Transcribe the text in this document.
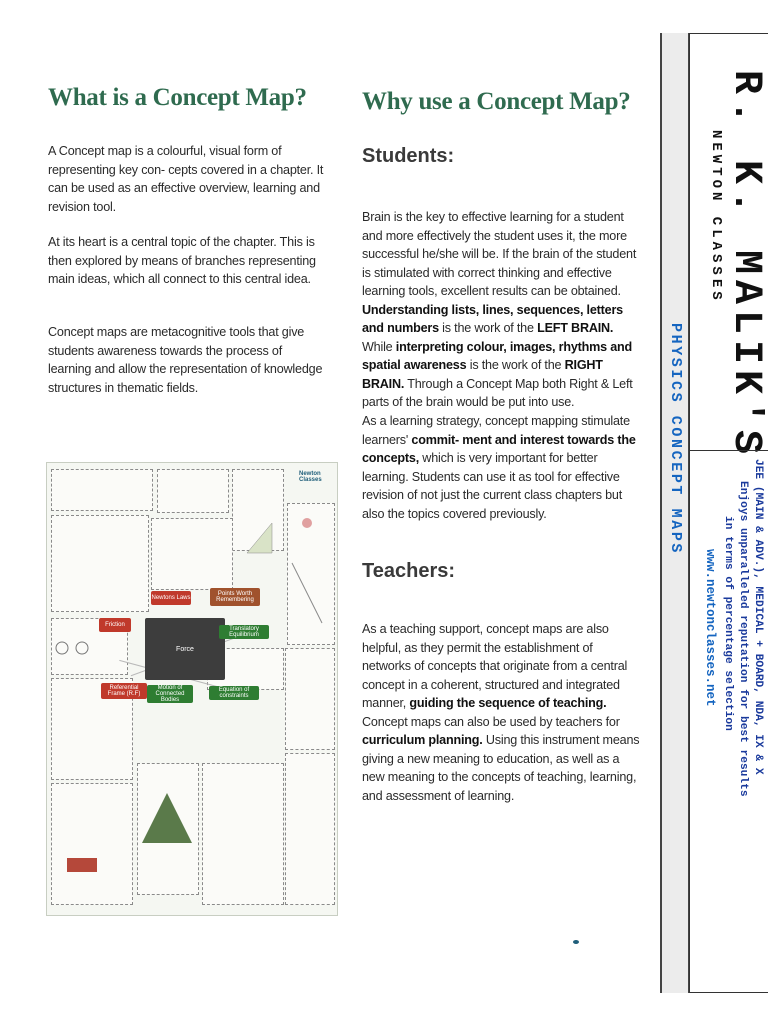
What is a Concept Map?

A Concept map is a colourful, visual form of representing key con- cepts covered in a chapter. It can be used as an effective overview, learning and revision tool.

At its heart is a central topic of the chapter. This is then explored by means of branches representing main ideas, which all connect to this central idea.

Concept maps are metacognitive tools that give students awareness towards the process of learning and allow the representation of knowledge structures in thematic fields.

Newton Classes
Force
Newtons Laws
Points Worth Remembering
Translatory Equilibrium
Friction
Referential Frame (R.F)
Motion of Connected Bodies
Equation of constraints
Why use a Concept Map?
Students:

Brain is the key to effective learning for a student and more effectively the student uses it, the more successful he/she will be. If the brain of the student is stimulated with correct thinking and effective learning tools, excellent results can be obtained. Understanding lists, lines, sequences, letters and numbers is the work of the LEFT BRAIN. While interpreting colour, images, rhythms and spatial awareness is the work of the RIGHT BRAIN. Through a Concept Map both Right & Left parts of the brain would be put into use.

As a learning strategy, concept mapping stimulate learners' commit- ment and interest towards the concepts, which is very important for better learning. Students can use it as tool for effective revision of not just the current class chapters but also the topics covered previously.

Teachers:

As a teaching support, concept maps are also helpful, as they permit the establishment of networks of concepts that originate from a central concept in a coherent, structured and integrated manner, guiding the sequence of teaching. Concept maps can also be used by teachers for curriculum planning. Using this instrument means giving a new meaning to education, as well as a new meaning to the concepts of teaching, learning, and assessment of learning.

PHYSICS CONCEPT MAPS R. K. MALIK'S
NEWTON CLASSES
JEE (MAIN & ADV.), MEDICAL + BOARD, NDA, IX & X
Enjoys unparalleled reputation for best results
in terms of percentage selection
www.newtonclasses.net
